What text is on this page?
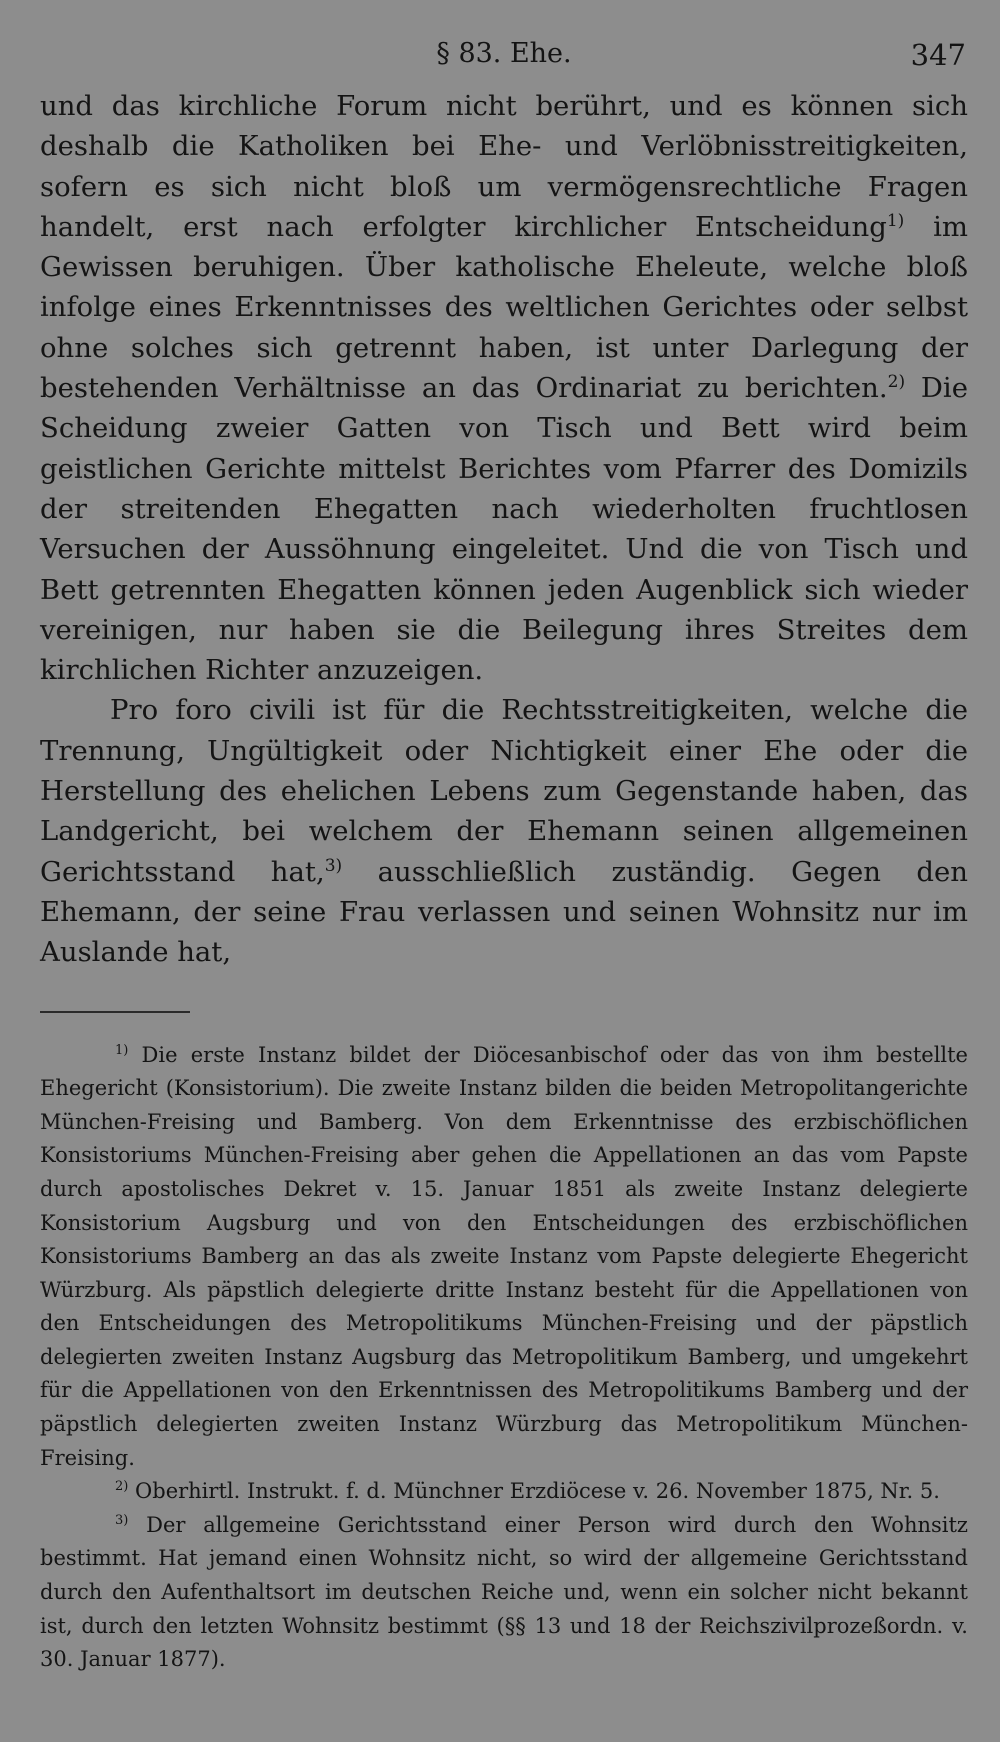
§ 83. Ehe.	347

und das kirchliche Forum nicht berührt, und es können sich deshalb die Katholiken bei Ehe- und Verlöbnisstreitigkeiten, sofern es sich nicht bloß um vermögensrechtliche Fragen handelt, erst nach erfolgter kirchlicher Entscheidung$^{1)}$ im Gewissen beruhigen. Über katholische Eheleute, welche bloß infolge eines Erkenntnisses des weltlichen Gerichtes oder selbst ohne solches sich getrennt haben, ist unter Darlegung der bestehenden Verhältnisse an das Ordinariat zu berichten.$^{2)}$ Die Scheidung zweier Gatten von Tisch und Bett wird beim geistlichen Gerichte mittelst Berichtes vom Pfarrer des Domizils der streitenden Ehegatten nach wiederholten fruchtlosen Versuchen der Aussöhnung eingeleitet. Und die von Tisch und Bett getrennten Ehegatten können jeden Augenblick sich wieder vereinigen, nur haben sie die Beilegung ihres Streites dem kirchlichen Richter anzuzeigen.

Pro foro civili ist für die Rechtsstreitigkeiten, welche die Trennung, Ungültigkeit oder Nichtigkeit einer Ehe oder die Herstellung des ehelichen Lebens zum Gegenstande haben, das Landgericht, bei welchem der Ehemann seinen allgemeinen Gerichtsstand hat,$^{3)}$ ausschließlich zuständig. Gegen den Ehemann, der seine Frau verlassen und seinen Wohnsitz nur im Auslande hat,

$^{1)}$ Die erste Instanz bildet der Diöcesanbischof oder das von ihm bestellte Ehegericht (Konsistorium). Die zweite Instanz bilden die beiden Metropolitangerichte München-Freising und Bamberg. Von dem Erkenntnisse des erzbischöflichen Konsistoriums München-Freising aber gehen die Appellationen an das vom Papste durch apostolisches Dekret v. 15. Januar 1851 als zweite Instanz delegierte Konsistorium Augsburg und von den Entscheidungen des erzbischöflichen Konsistoriums Bamberg an das als zweite Instanz vom Papste delegierte Ehegericht Würzburg. Als päpstlich delegierte dritte Instanz besteht für die Appellationen von den Entscheidungen des Metropolitikums München-Freising und der päpstlich delegierten zweiten Instanz Augsburg das Metropolitikum Bamberg, und umgekehrt für die Appellationen von den Erkenntnissen des Metropolitikums Bamberg und der päpstlich delegierten zweiten Instanz Würzburg das Metropolitikum München-Freising.

$^{2)}$ Oberhirtl. Instrukt. f. d. Münchner Erzdiöcese v. 26. November 1875, Nr. 5.

$^{3)}$ Der allgemeine Gerichtsstand einer Person wird durch den Wohnsitz bestimmt. Hat jemand einen Wohnsitz nicht, so wird der allgemeine Gerichtsstand durch den Aufenthaltsort im deutschen Reiche und, wenn ein solcher nicht bekannt ist, durch den letzten Wohnsitz bestimmt (§§ 13 und 18 der Reichszivilprozeßordn. v. 30. Januar 1877).
